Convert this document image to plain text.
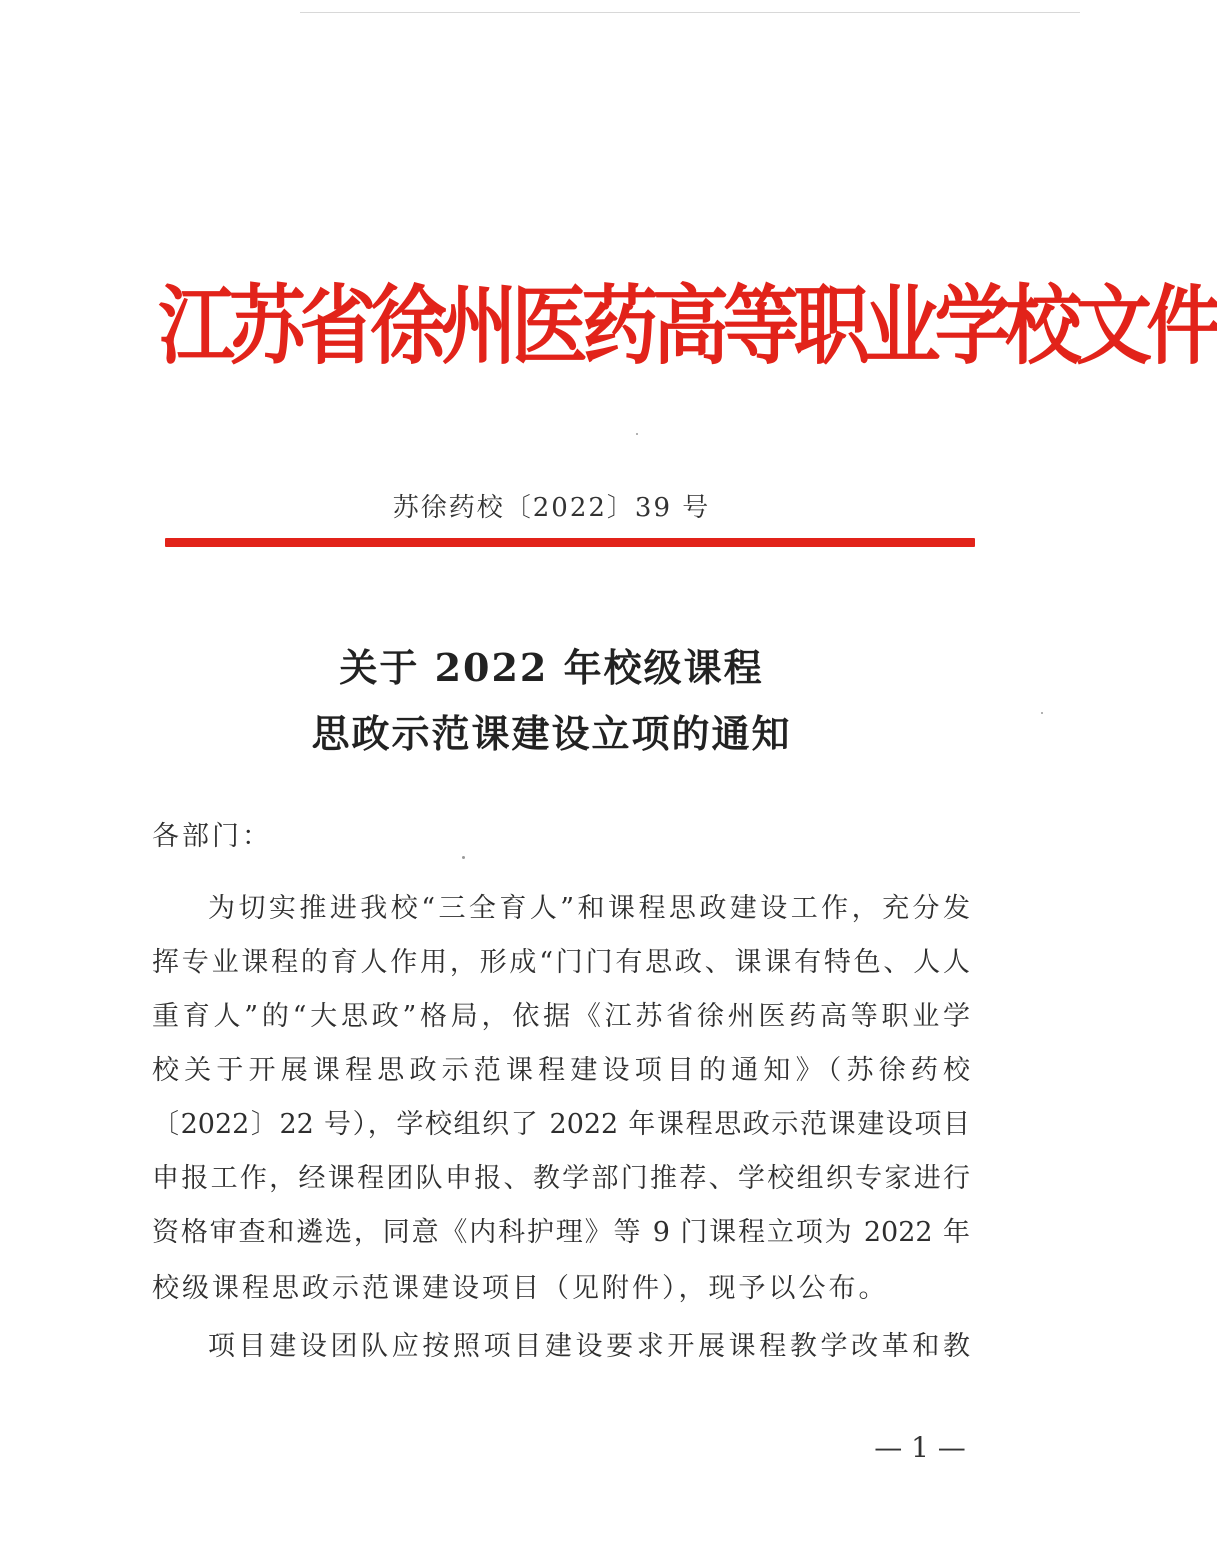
江苏省徐州医药高等职业学校文件
苏徐药校〔2022〕39 号
关于 2022 年校级课程
思政示范课建设立项的通知
各部门：
为切实推进我校“三全育人”和课程思政建设工作，充分发
挥专业课程的育人作用，形成“门门有思政、课课有特色、人人
重育人”的“大思政”格局，依据《江苏省徐州医药高等职业学
校关于开展课程思政示范课程建设项目的通知》（苏徐药校
〔2022〕22 号），学校组织了 2022 年课程思政示范课建设项目
申报工作，经课程团队申报、教学部门推荐、学校组织专家进行
资格审查和遴选，同意《内科护理》等 9 门课程立项为 2022 年
校级课程思政示范课建设项目（见附件），现予以公布。
项目建设团队应按照项目建设要求开展课程教学改革和教
— 1 —
